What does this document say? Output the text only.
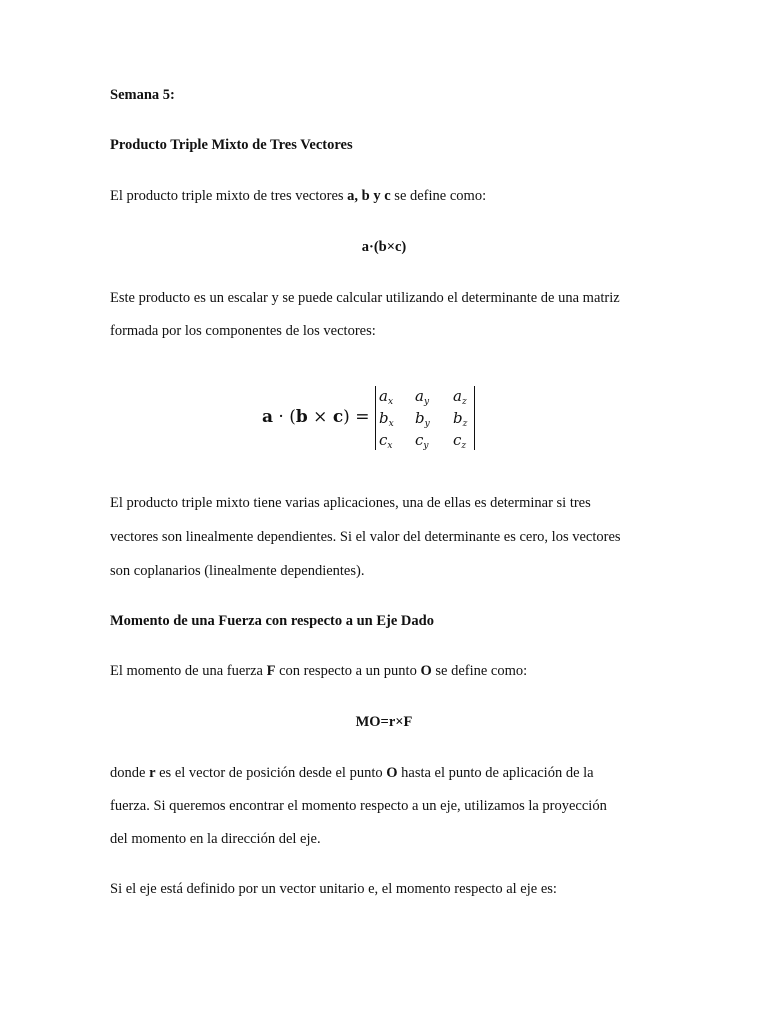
Semana 5:
Producto Triple Mixto de Tres Vectores
El producto triple mixto de tres vectores a, b y c se define como:
a·(b×c)
Este producto es un escalar y se puede calcular utilizando el determinante de una matriz
formada por los componentes de los vectores:
a · (b × c) =
$a_x$ $a_y$ $a_z$
$b_x$ $b_y$ $b_z$
$c_x$ $c_y$ $c_z$
El producto triple mixto tiene varias aplicaciones, una de ellas es determinar si tres
vectores son linealmente dependientes. Si el valor del determinante es cero, los vectores
son coplanarios (linealmente dependientes).
Momento de una Fuerza con respecto a un Eje Dado
El momento de una fuerza F con respecto a un punto O se define como:
MO=r×F
donde r es el vector de posición desde el punto O hasta el punto de aplicación de la
fuerza. Si queremos encontrar el momento respecto a un eje, utilizamos la proyección
del momento en la dirección del eje.
Si el eje está definido por un vector unitario e, el momento respecto al eje es:
